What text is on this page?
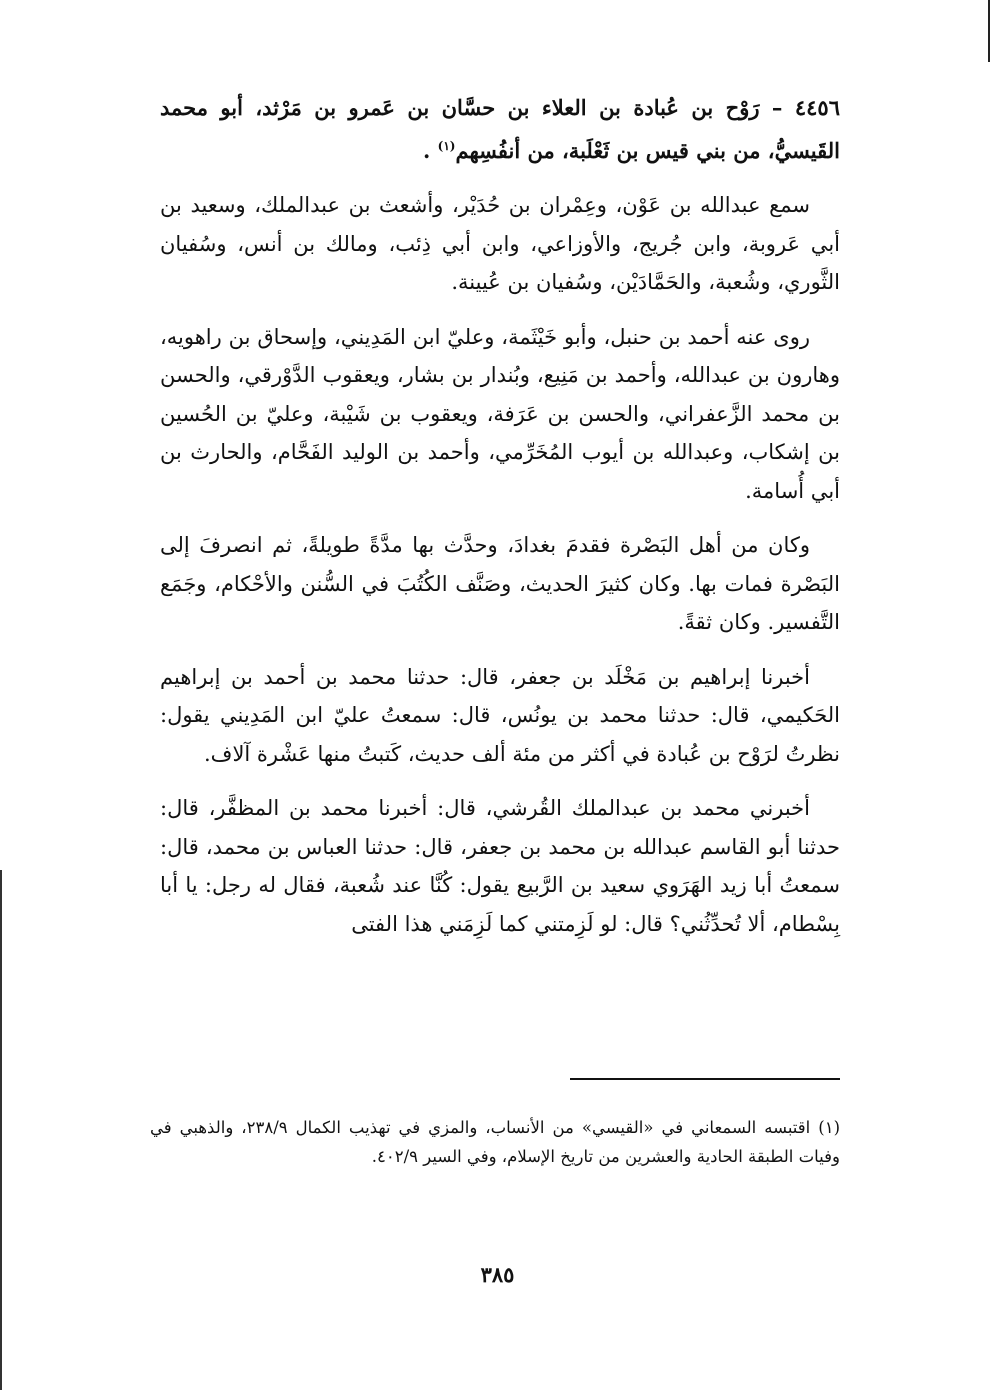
٤٤٥٦ – رَوْح بن عُبادة بن العلاء بن حسَّان بن عَمرو بن مَرْثد، أبو محمد القَيسيُّ، من بني قيس بن ثَعْلَبة، من أنفُسِهم$^{(١)}$ .

سمع عبدالله بن عَوْن، وعِمْران بن حُدَيْر، وأشعث بن عبدالملك، وسعيد بن أبي عَروبة، وابن جُريج، والأوزاعي، وابن أبي ذِئب، ومالك بن أنس، وسُفيان الثَّوري، وشُعبة، والحَمَّادَيْن، وسُفيان بن عُيينة.

روى عنه أحمد بن حنبل، وأبو خَيْثَمة، وعليّ ابن المَدِيني، وإسحاق بن راهويه، وهارون بن عبدالله، وأحمد بن مَنِيع، وبُندار بن بشار، ويعقوب الدَّوْرقي، والحسن بن محمد الزَّعفراني، والحسن بن عَرَفة، ويعقوب بن شَيْبة، وعليّ بن الحُسين بن إشكاب، وعبدالله بن أيوب المُخَرِّمي، وأحمد بن الوليد الفَحَّام، والحارث بن أبي أُسامة.

وكان من أهل البَصْرة فقدمَ بغدادَ، وحدَّث بها مدَّةً طويلةً، ثم انصرفَ إلى البَصْرة فمات بها. وكان كثيرَ الحديث، وصَنَّف الكُتُبَ في السُّنن والأحْكام، وجَمَع التَّفسير. وكان ثقةً.

أخبرنا إبراهيم بن مَخْلَد بن جعفر، قال: حدثنا محمد بن أحمد بن إبراهيم الحَكيمي، قال: حدثنا محمد بن يونُس، قال: سمعتُ عليّ ابن المَدِيني يقول: نظرتُ لرَوْح بن عُبادة في أكثر من مئة ألف حديث، كَتبتُ منها عَشْرة آلاف.

أخبرني محمد بن عبدالملك القُرشي، قال: أخبرنا محمد بن المظفَّر، قال: حدثنا أبو القاسم عبدالله بن محمد بن جعفر، قال: حدثنا العباس بن محمد، قال: سمعتُ أبا زيد الهَرَوي سعيد بن الرَّبيع يقول: كُنَّا عند شُعبة، فقال له رجل: يا أبا بِسْطام، ألا تُحدِّثُني؟ قال: لو لَزِمتني كما لَزِمَني هذا الفتى

(١) اقتبسه السمعاني في «القيسي» من الأنساب، والمزي في تهذيب الكمال ٢٣٨/٩، والذهبي في وفيات الطبقة الحادية والعشرين من تاريخ الإسلام، وفي السير ٤٠٢/٩.

٣٨٥
